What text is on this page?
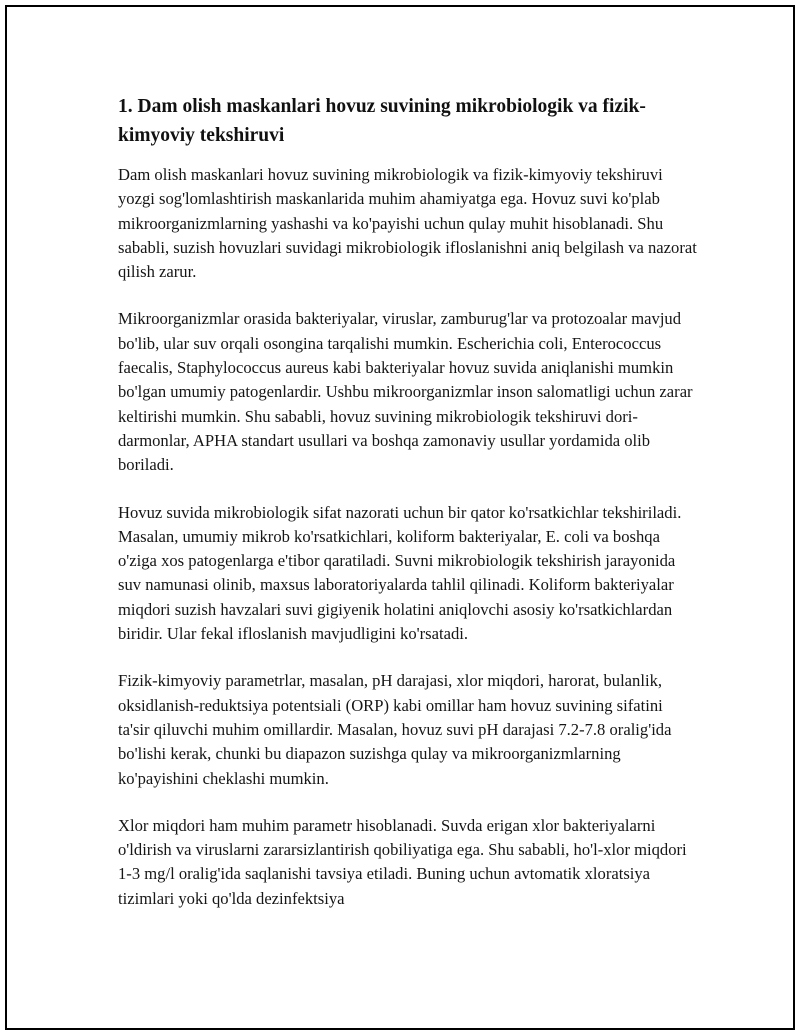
1. Dam olish maskanlari hovuz suvining mikrobiologik va fizik-kimyoviy tekshiruvi

Dam olish maskanlari hovuz suvining mikrobiologik va fizik-kimyoviy tekshiruvi yozgi sog'lomlashtirish maskanlarida muhim ahamiyatga ega. Hovuz suvi ko'plab mikroorganizmlarning yashashi va ko'payishi uchun qulay muhit hisoblanadi. Shu sababli, suzish hovuzlari suvidagi mikrobiologik ifloslanishni aniq belgilash va nazorat qilish zarur.

Mikroorganizmlar orasida bakteriyalar, viruslar, zamburug'lar va protozoalar mavjud bo'lib, ular suv orqali osongina tarqalishi mumkin. Escherichia coli, Enterococcus faecalis, Staphylococcus aureus kabi bakteriyalar hovuz suvida aniqlanishi mumkin bo'lgan umumiy patogenlardir. Ushbu mikroorganizmlar inson salomatligi uchun zarar keltirishi mumkin. Shu sababli, hovuz suvining mikrobiologik tekshiruvi dori-darmonlar, APHA standart usullari va boshqa zamonaviy usullar yordamida olib boriladi.

Hovuz suvida mikrobiologik sifat nazorati uchun bir qator ko'rsatkichlar tekshiriladi. Masalan, umumiy mikrob ko'rsatkichlari, koliform bakteriyalar, E. coli va boshqa o'ziga xos patogenlarga e'tibor qaratiladi. Suvni mikrobiologik tekshirish jarayonida suv namunasi olinib, maxsus laboratoriyalarda tahlil qilinadi. Koliform bakteriyalar miqdori suzish havzalari suvi gigiyenik holatini aniqlovchi asosiy ko'rsatkichlardan biridir. Ular fekal ifloslanish mavjudligini ko'rsatadi.

Fizik-kimyoviy parametrlar, masalan, pH darajasi, xlor miqdori, harorat, bulanlik, oksidlanish-reduktsiya potentsiali (ORP) kabi omillar ham hovuz suvining sifatini ta'sir qiluvchi muhim omillardir. Masalan, hovuz suvi pH darajasi 7.2-7.8 oralig'ida bo'lishi kerak, chunki bu diapazon suzishga qulay va mikroorganizmlarning ko'payishini cheklashi mumkin.

Xlor miqdori ham muhim parametr hisoblanadi. Suvda erigan xlor bakteriyalarni o'ldirish va viruslarni zararsizlantirish qobiliyatiga ega. Shu sababli, ho'l-xlor miqdori 1-3 mg/l oralig'ida saqlanishi tavsiya etiladi. Buning uchun avtomatik xloratsiya tizimlari yoki qo'lda dezinfektsiya
